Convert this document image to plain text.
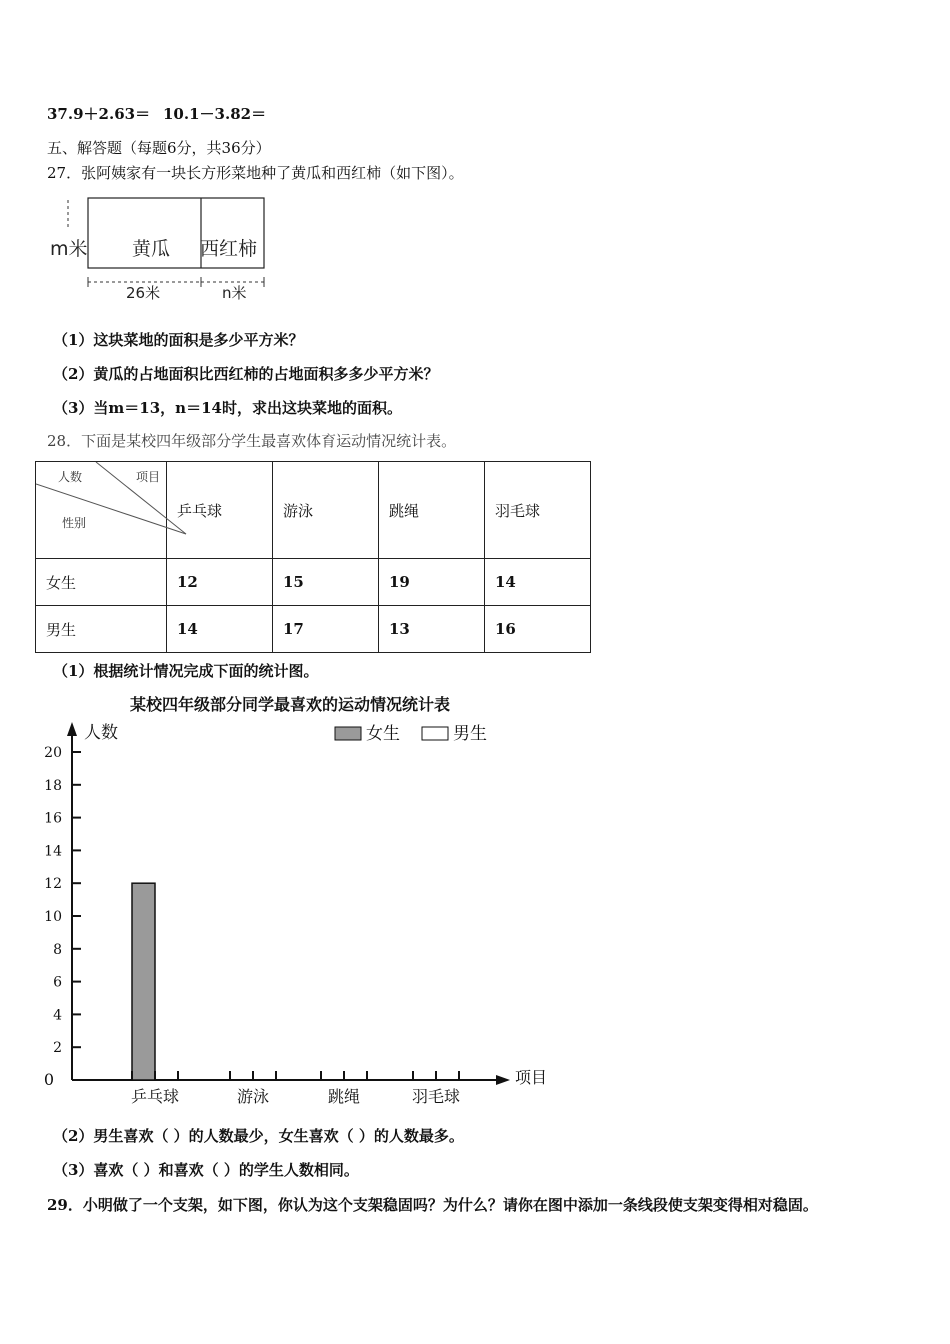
37.9＋2.63＝ 10.1－3.82＝
五、解答题（每题6分，共36分）
27．张阿姨家有一块长方形菜地种了黄瓜和西红柿（如下图）。
m米 黄瓜 西红柿
26米	n米
（1）这块菜地的面积是多少平方米？
（2）黄瓜的占地面积比西红柿的占地面积多多少平方米？
（3）当m＝13，n＝14时，求出这块菜地的面积。
28．下面是某校四年级部分学生最喜欢体育运动情况统计表。
人数 项目
性别	乒乓球	游泳	跳绳	羽毛球
女生	12	15	19	14
男生	14	17	13	16
（1）根据统计情况完成下面的统计图。
某校四年级部分同学最喜欢的运动情况统计表
人数
项目
女生	男生
0
2
4
6
8
10
12
14
16
18
20
乒乓球	游泳	跳绳	羽毛球
（2）男生喜欢（ ）的人数最少，女生喜欢（ ）的人数最多。
（3）喜欢（ ）和喜欢（ ）的学生人数相同。
29．小明做了一个支架，如下图，你认为这个支架稳固吗？为什么？请你在图中添加一条线段使支架变得相对稳固。
